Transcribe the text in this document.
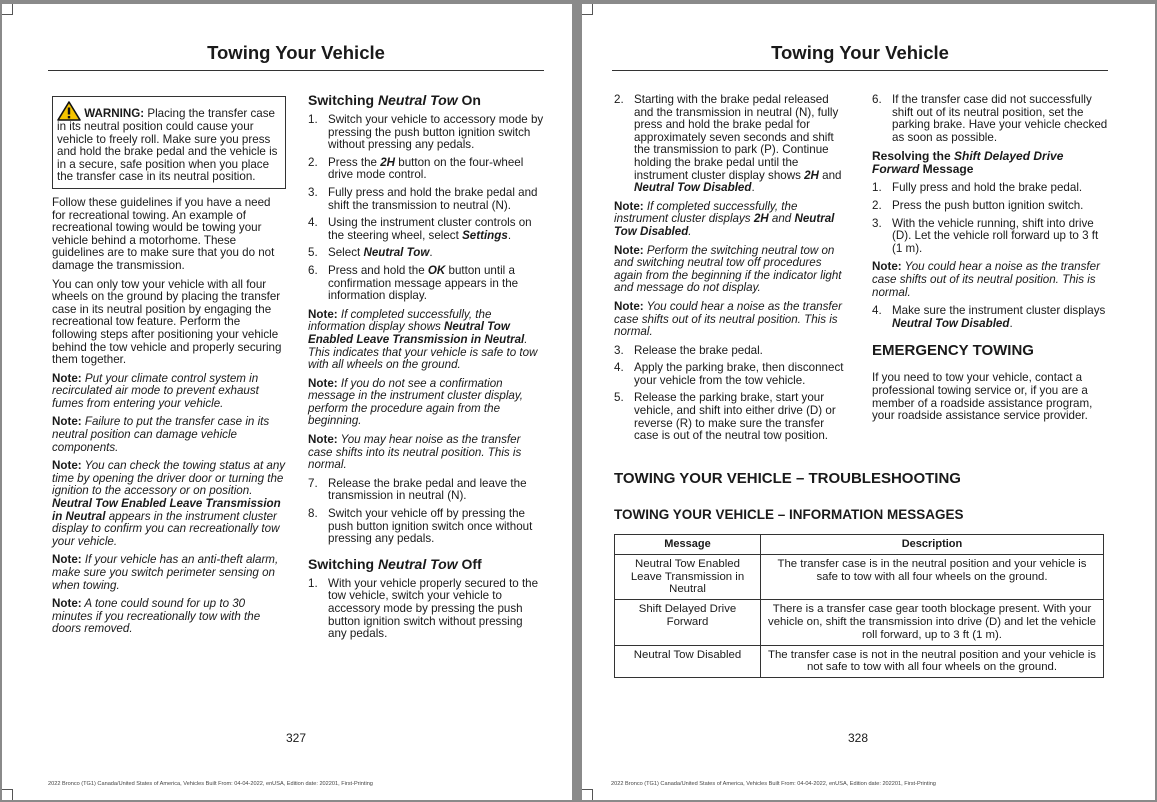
Towing Your Vehicle
WARNING: Placing the transfer case in its neutral position could cause your vehicle to freely roll. Make sure you press and hold the brake pedal and the vehicle is in a secure, safe position when you place the transfer case in its neutral position.

Follow these guidelines if you have a need for recreational towing. An example of recreational towing would be towing your vehicle behind a motorhome. These guidelines are to make sure that you do not damage the transmission.

You can only tow your vehicle with all four wheels on the ground by placing the transfer case in its neutral position by engaging the recreational tow feature. Perform the following steps after positioning your vehicle behind the tow vehicle and properly securing them together.

Note: Put your climate control system in recirculated air mode to prevent exhaust fumes from entering your vehicle.

Note: Failure to put the transfer case in its neutral position can damage vehicle components.

Note: You can check the towing status at any time by opening the driver door or turning the ignition to the accessory or on position. Neutral Tow Enabled Leave Transmission in Neutral appears in the instrument cluster display to confirm you can recreationally tow your vehicle.

Note: If your vehicle has an anti-theft alarm, make sure you switch perimeter sensing on when towing.

Note: A tone could sound for up to 30 minutes if you recreationally tow with the doors removed.

Switching Neutral Tow On
1. Switch your vehicle to accessory mode by pressing the push button ignition switch without pressing any pedals.
2. Press the 2H button on the four-wheel drive mode control.
3. Fully press and hold the brake pedal and shift the transmission to neutral (N).
4. Using the instrument cluster controls on the steering wheel, select Settings.
5. Select Neutral Tow.
6. Press and hold the OK button until a confirmation message appears in the information display.

Note: If completed successfully, the information display shows Neutral Tow Enabled Leave Transmission in Neutral. This indicates that your vehicle is safe to tow with all wheels on the ground.

Note: If you do not see a confirmation message in the instrument cluster display, perform the procedure again from the beginning.

Note: You may hear noise as the transfer case shifts into its neutral position. This is normal.

7. Release the brake pedal and leave the transmission in neutral (N).
8. Switch your vehicle off by pressing the push button ignition switch once without pressing any pedals.
Switching Neutral Tow Off
1. With your vehicle properly secured to the tow vehicle, switch your vehicle to accessory mode by pressing the push button ignition switch without pressing any pedals.
327
2022 Bronco (TG1) Canada/United States of America, Vehicles Built From: 04-04-2022, enUSA, Edition date: 202201, First-Printing
Towing Your Vehicle
2. Starting with the brake pedal released and the transmission in neutral (N), fully press and hold the brake pedal for approximately seven seconds and shift the transmission to park (P). Continue holding the brake pedal until the instrument cluster display shows 2H and Neutral Tow Disabled.

Note: If completed successfully, the instrument cluster displays 2H and Neutral Tow Disabled.

Note: Perform the switching neutral tow on and switching neutral tow off procedures again from the beginning if the indicator light and message do not display.

Note: You could hear a noise as the transfer case shifts out of its neutral position. This is normal.

3. Release the brake pedal.
4. Apply the parking brake, then disconnect your vehicle from the tow vehicle.
5. Release the parking brake, start your vehicle, and shift into either drive (D) or reverse (R) to make sure the transfer case is out of the neutral tow position.
6. If the transfer case did not successfully shift out of its neutral position, set the parking brake. Have your vehicle checked as soon as possible.
Resolving the Shift Delayed Drive Forward Message
1. Fully press and hold the brake pedal.
2. Press the push button ignition switch.
3. With the vehicle running, shift into drive (D). Let the vehicle roll forward up to 3 ft (1 m).

Note: You could hear a noise as the transfer case shifts out of its neutral position. This is normal.

4. Make sure the instrument cluster displays Neutral Tow Disabled.
EMERGENCY TOWING

If you need to tow your vehicle, contact a professional towing service or, if you are a member of a roadside assistance program, your roadside assistance service provider.

TOWING YOUR VEHICLE – TROUBLESHOOTING
TOWING YOUR VEHICLE – INFORMATION MESSAGES
Message	Description
Neutral Tow Enabled Leave Transmission in Neutral	The transfer case is in the neutral position and your vehicle is safe to tow with all four wheels on the ground.
Shift Delayed Drive Forward	There is a transfer case gear tooth blockage present. With your vehicle on, shift the transmission into drive (D) and let the vehicle roll forward, up to 3 ft (1 m).
Neutral Tow Disabled	The transfer case is not in the neutral position and your vehicle is not safe to tow with all four wheels on the ground.
328
2022 Bronco (TG1) Canada/United States of America, Vehicles Built From: 04-04-2022, enUSA, Edition date: 202201, First-Printing
